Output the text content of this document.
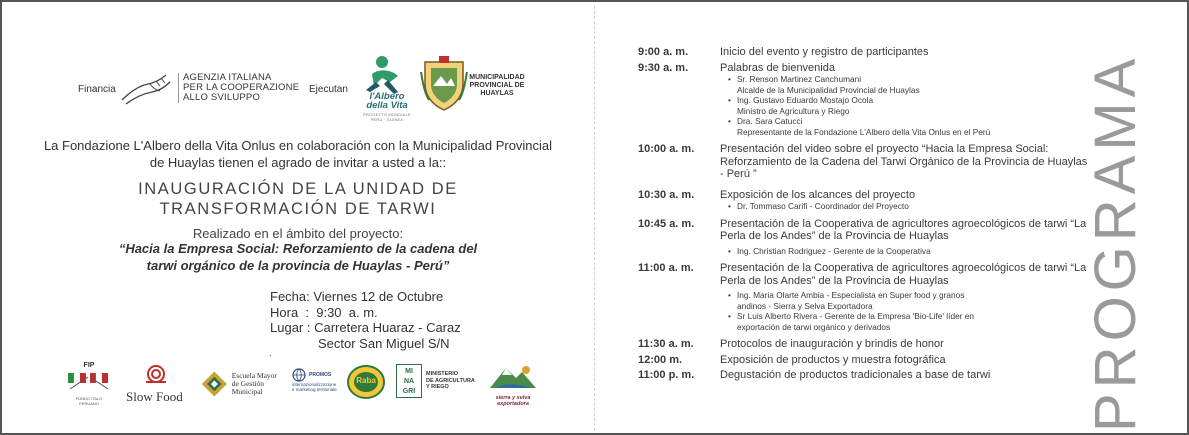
Financia
AGENZIA ITALIANA
PER LA COOPERAZIONE
ALLO SVILUPPO
Ejecutan
l'Albero
della Vita
PROGETTO MONDIALE PERU · GUINEA
MUNICIPALIDAD
PROVINCIAL DE
HUAYLAS
La Fondazione L'Albero della Vita Onlus en colaboración con la Municipalidad Provincial de Huaylas tienen el agrado de invitar a usted a la::
INAUGURACIÓN DE LA UNIDAD DE
TRANSFORMACIÓN DE TARWI
Realizado en el ámbito del proyecto:
“Hacia la Empresa Social: Reforzamiento de la cadena del
tarwi orgánico de la provincia de Huaylas - Perú”
Fecha: Viernes 12 de Octubre
Hora  :  9:30  a. m.
Lugar : Carretera Huaraz - Caraz
Sector San Miguel S/N
.
FIP
FONDO ITALO PERUANO	Slow Food
Escuela Mayor
de Gestión Municipal
PROMOS
internazionalizzazione
e marketing territoriale
Raba
MI
NA
GRI
MINISTERIO
DE AGRICULTURA
Y RIEGO
sierra y selva
exportadora
9:00 a. m.	Inicio del evento y registro de participantes
9:30 a. m.	Palabras de bienvenida
• Sr. Renson Martinez Canchumani
Alcalde de la Municipalidad Provincial de Huaylas
• Ing. Gustavo Eduardo Mostajo Ocola
Ministro de Agricultura y Riego
• Dra. Sara Catucci
Representante de la Fondazione L'Albero della Vita Onlus en el Perú
10:00 a. m.	Presentación del video sobre el proyecto “Hacia la Empresa Social: Reforzamiento de la Cadena del Tarwi Orgánico de la Provincia de Huaylas - Perú ”
10:30 a. m.	Exposición de los alcances del proyecto
• Dr. Tommaso Carifi - Coordinador del Proyecto
10:45 a. m.	Presentación de la Cooperativa de agricultores agroecológicos de tarwi “La Perla de los Andes” de la Provincia de Huaylas
• Ing. Christian Rodriguez - Gerente de la Cooperativa
11:00 a. m.	Presentación de la Cooperativa de agricultores agroecológicos de tarwi “La Perla de los Andes” de la Provincia de Huaylas
• Ing. Maria Olarte Ambia - Especialista en Super food y granos
andinos - Sierra y Selva Exportadora
• Sr Luis Alberto Rivera - Gerente de la Empresa 'Bio-Life' líder en
exportación de tarwi orgánico y derivados
11:30 a. m.	Protocolos de inauguración y brindis de honor
12:00 m.	Exposición de productos y muestra fotográfica
11:00 p. m.	Degustación de productos tradicionales a base de tarwi	PROGRAMA
